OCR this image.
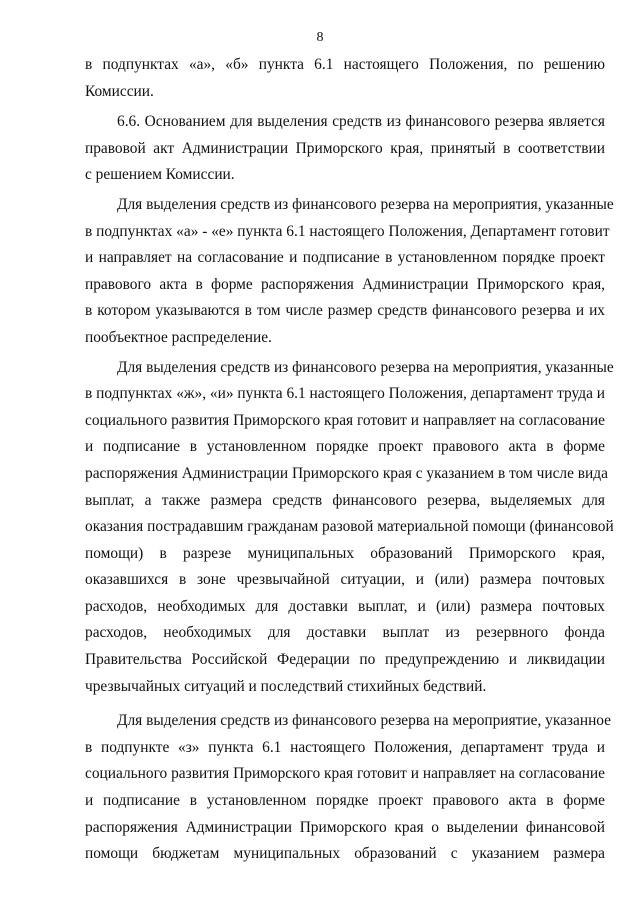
8
в подпунктах «а», «б» пункта 6.1 настоящего Положения, по решению
Комиссии.
6.6. Основанием для выделения средств из финансового резерва является
правовой акт Администрации Приморского края, принятый в соответствии
с решением Комиссии.
Для выделения средств из финансового резерва на мероприятия, указанные
в подпунктах «а» - «е» пункта 6.1 настоящего Положения, Департамент готовит
и направляет на согласование и подписание в установленном порядке проект
правового акта в форме распоряжения Администрации Приморского края,
в котором указываются в том числе размер средств финансового резерва и их
пообъектное распределение.
Для выделения средств из финансового резерва на мероприятия, указанные
в подпунктах «ж», «и» пункта 6.1 настоящего Положения, департамент труда и
социального развития Приморского края готовит и направляет на согласование
и подписание в установленном порядке проект правового акта в форме
распоряжения Администрации Приморского края с указанием в том числе вида
выплат, а также размера средств финансового резерва, выделяемых для
оказания пострадавшим гражданам разовой материальной помощи (финансовой
помощи) в разрезе муниципальных образований Приморского края,
оказавшихся в зоне чрезвычайной ситуации, и (или) размера почтовых
расходов, необходимых для доставки выплат, и (или) размера почтовых
расходов, необходимых для доставки выплат из резервного фонда
Правительства Российской Федерации по предупреждению и ликвидации
чрезвычайных ситуаций и последствий стихийных бедствий.
Для выделения средств из финансового резерва на мероприятие, указанное
в подпункте «з» пункта 6.1 настоящего Положения, департамент труда и
социального развития Приморского края готовит и направляет на согласование
и подписание в установленном порядке проект правового акта в форме
распоряжения Администрации Приморского края о выделении финансовой
помощи бюджетам муниципальных образований с указанием размера
